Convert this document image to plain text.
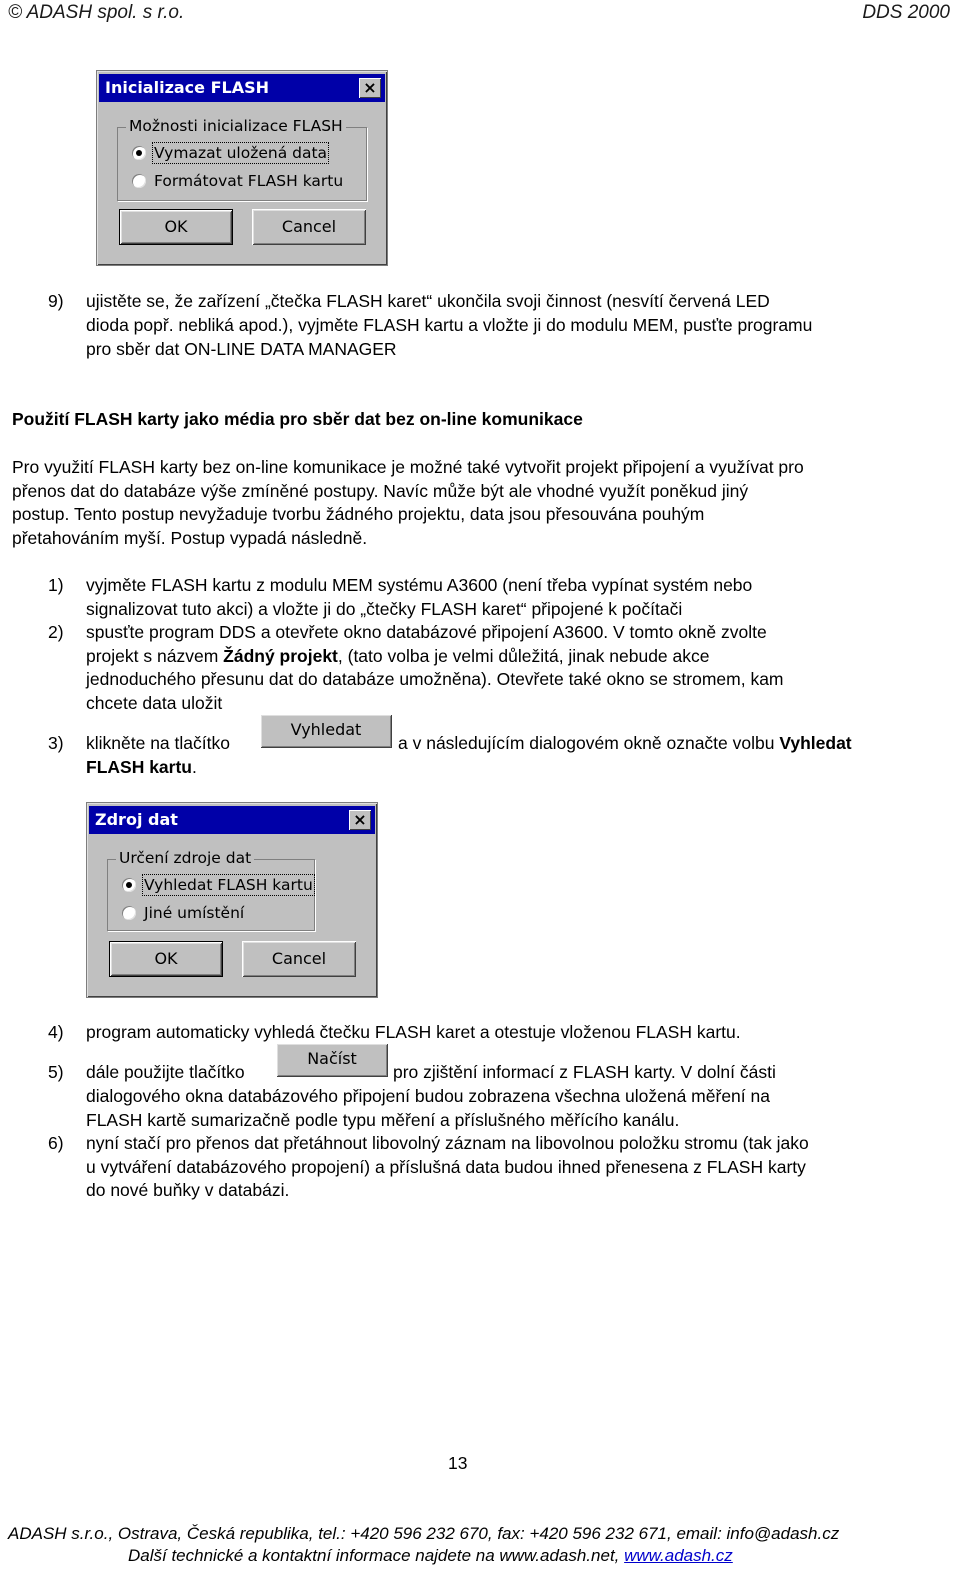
© ADASH spol. s r.o.	DDS 2000
Inicializace FLASH	×
Možnosti inicializace FLASH
Vymazat uložená data
Formátovat FLASH kartu
OK	Cancel
9) ujistěte se, že zařízení „čtečka FLASH karet“ ukončila svoji činnost (nesvítí červená LED
dioda popř. nebliká apod.), vyjměte FLASH kartu a vložte ji do modulu MEM, pusťte programu
pro sběr dat ON-LINE DATA MANAGER
Použití FLASH karty jako média pro sběr dat bez on-line komunikace
Pro využití FLASH karty bez on-line komunikace je možné také vytvořit projekt připojení a využívat pro
přenos dat do databáze výše zmíněné postupy. Navíc může být ale vhodné využít poněkud jiný
postup. Tento postup nevyžaduje tvorbu žádného projektu, data jsou přesouvána pouhým
přetahováním myší. Postup vypadá následně.
1) vyjměte FLASH kartu z modulu MEM systému A3600 (není třeba vypínat systém nebo
signalizovat tuto akci) a vložte ji do „čtečky FLASH karet“ připojené k počítači
2) spusťte program DDS a otevřete okno databázové připojení A3600. V tomto okně zvolte
projekt s názvem Žádný projekt, (tato volba je velmi důležitá, jinak nebude akce
jednoduchého přesunu dat do databáze umožněna). Otevřete také okno se stromem, kam
chcete data uložit
3) klikněte na tlačítko
Vyhledat
a v následujícím dialogovém okně označte volbu Vyhledat
FLASH kartu.
Zdroj dat	×
Určení zdroje dat
Vyhledat FLASH kartu
Jiné umístění
OK	Cancel
4) program automaticky vyhledá čtečku FLASH karet a otestuje vloženou FLASH kartu.
5) dále použijte tlačítko
Načíst
pro zjištění informací z FLASH karty. V dolní části
dialogového okna databázového připojení budou zobrazena všechna uložená měření na
FLASH kartě sumarizačně podle typu měření a příslušného měřícího kanálu.
6) nyní stačí pro přenos dat přetáhnout libovolný záznam na libovolnou položku stromu (tak jako
u vytváření databázového propojení) a příslušná data budou ihned přenesena z FLASH karty
do nové buňky v databázi.
13
ADASH s.r.o., Ostrava, Česká republika, tel.: +420 596 232 670, fax: +420 596 232 671, email: info@adash.cz
Další technické a kontaktní informace najdete na www.adash.net, www.adash.cz
